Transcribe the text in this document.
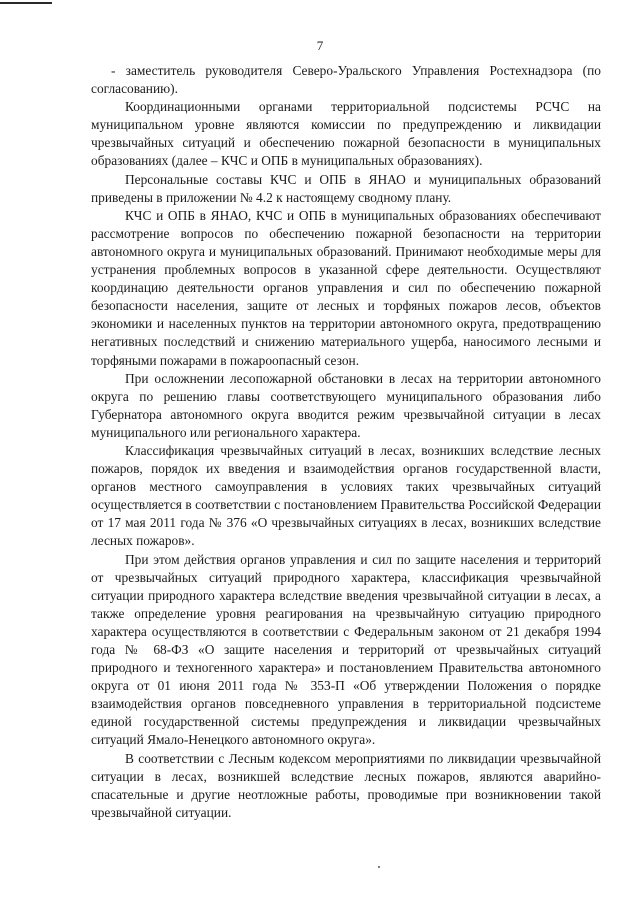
7

- заместитель руководителя Северо-Уральского Управления Ростехнадзора (по согласованию).

Координационными органами территориальной подсистемы РСЧС на муниципальном уровне являются комиссии по предупреждению и ликвидации чрезвычайных ситуаций и обеспечению пожарной безопасности в муниципальных образованиях (далее – КЧС и ОПБ в муниципальных образованиях).

Персональные составы КЧС и ОПБ в ЯНАО и муниципальных образований приведены в приложении № 4.2 к настоящему сводному плану.

КЧС и ОПБ в ЯНАО, КЧС и ОПБ в муниципальных образованиях обеспечивают рассмотрение вопросов по обеспечению пожарной безопасности на территории автономного округа и муниципальных образований. Принимают необходимые меры для устранения проблемных вопросов в указанной сфере деятельности. Осуществляют координацию деятельности органов управления и сил по обеспечению пожарной безопасности населения, защите от лесных и торфяных пожаров лесов, объектов экономики и населенных пунктов на территории автономного округа, предотвращению негативных последствий и снижению материального ущерба, наносимого лесными и торфяными пожарами в пожароопасный сезон.

При осложнении лесопожарной обстановки в лесах на территории автономного округа по решению главы соответствующего муниципального образования либо Губернатора автономного округа вводится режим чрезвычайной ситуации в лесах муниципального или регионального характера.

Классификация чрезвычайных ситуаций в лесах, возникших вследствие лесных пожаров, порядок их введения и взаимодействия органов государственной власти, органов местного самоуправления в условиях таких чрезвычайных ситуаций осуществляется в соответствии с постановлением Правительства Российской Федерации от 17 мая 2011 года № 376 «О чрезвычайных ситуациях в лесах, возникших вследствие лесных пожаров».

При этом действия органов управления и сил по защите населения и территорий от чрезвычайных ситуаций природного характера, классификация чрезвычайной ситуации природного характера вследствие введения чрезвычайной ситуации в лесах, а также определение уровня реагирования на чрезвычайную ситуацию природного характера осуществляются в соответствии с Федеральным законом от 21 декабря 1994 года № 68-ФЗ «О защите населения и территорий от чрезвычайных ситуаций природного и техногенного характера» и постановлением Правительства автономного округа от 01 июня 2011 года № 353-П «Об утверждении Положения о порядке взаимодействия органов повседневного управления в территориальной подсистеме единой государственной системы предупреждения и ликвидации чрезвычайных ситуаций Ямало-Ненецкого автономного округа».

В соответствии с Лесным кодексом мероприятиями по ликвидации чрезвычайной ситуации в лесах, возникшей вследствие лесных пожаров, являются аварийно-спасательные и другие неотложные работы, проводимые при возникновении такой чрезвычайной ситуации.
